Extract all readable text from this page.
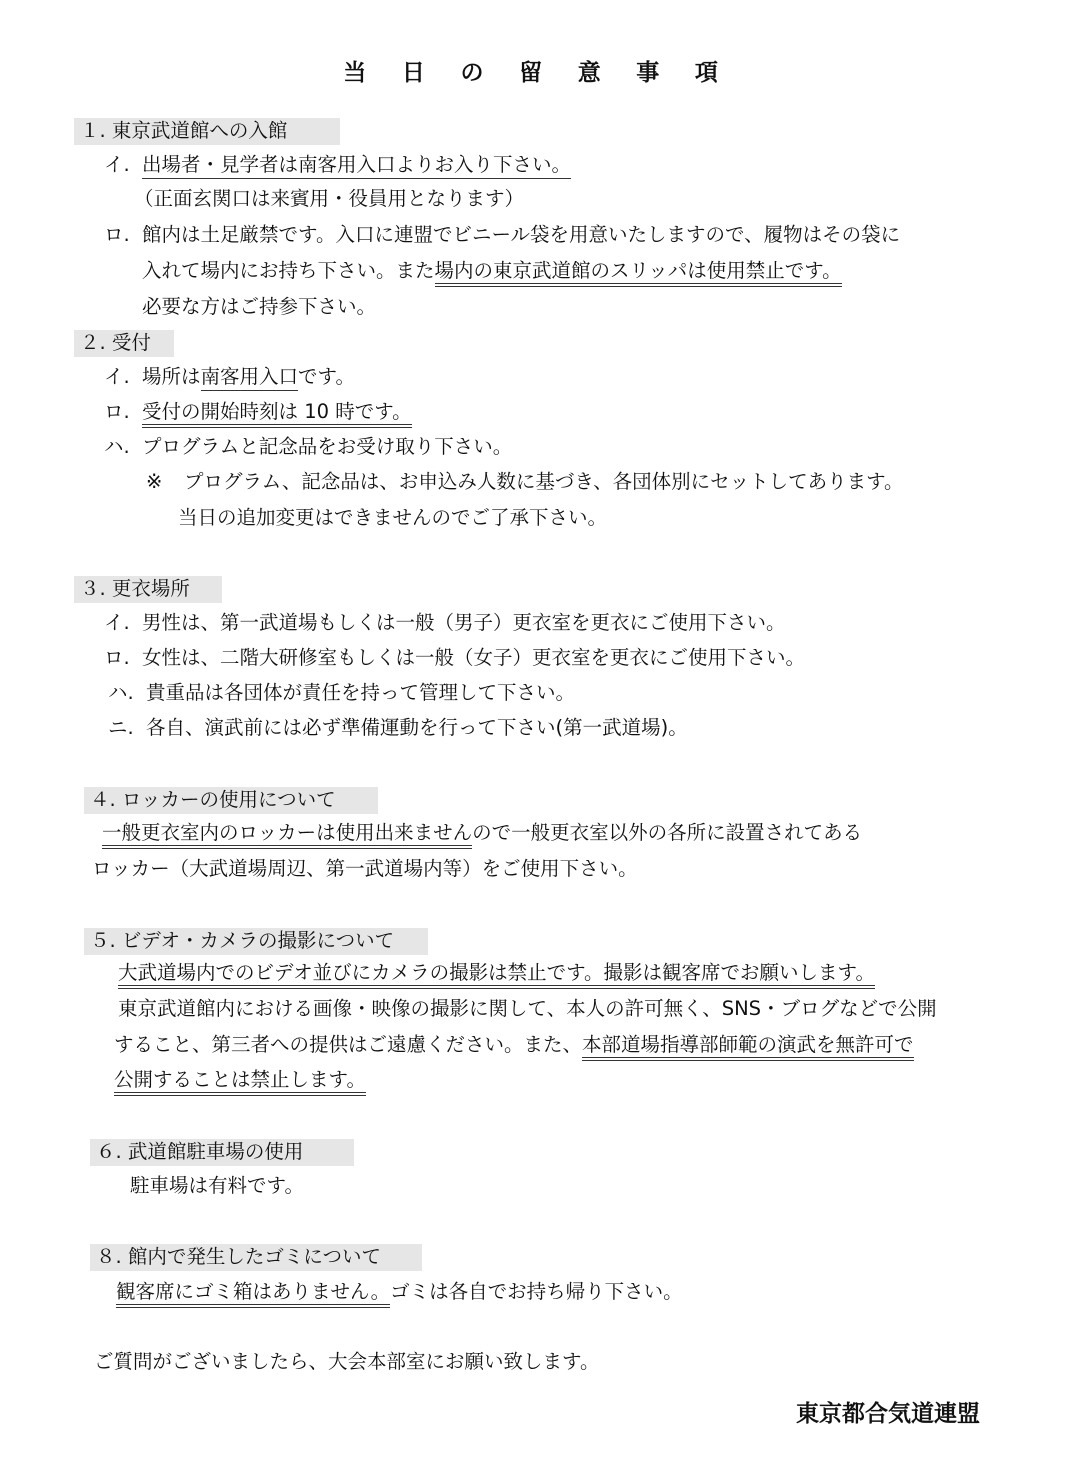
当 日 の 留 意 事 項
１. 東京武道館への入館
イ. 出場者・見学者は南客用入口よりお入り下さい。
（正面玄関口は来賓用・役員用となります）
ロ. 館内は土足厳禁です。入口に連盟でビニール袋を用意いたしますので、履物はその袋に
入れて場内にお持ち下さい。また場内の東京武道館のスリッパは使用禁止です。
必要な方はご持参下さい。
２. 受付
イ. 場所は南客用入口です。
ロ. 受付の開始時刻は 10 時です。
ハ. プログラムと記念品をお受け取り下さい。
※ プログラム、記念品は、お申込み人数に基づき、各団体別にセットしてあります。
当日の追加変更はできませんのでご了承下さい。
３. 更衣場所
イ. 男性は、第一武道場もしくは一般（男子）更衣室を更衣にご使用下さい。
ロ. 女性は、二階大研修室もしくは一般（女子）更衣室を更衣にご使用下さい。
ハ. 貴重品は各団体が責任を持って管理して下さい。
ニ. 各自、演武前には必ず準備運動を行って下さい(第一武道場)。
４. ロッカーの使用について
一般更衣室内のロッカーは使用出来ませんので一般更衣室以外の各所に設置されてある
ロッカー（大武道場周辺、第一武道場内等）をご使用下さい。
５. ビデオ・カメラの撮影について
大武道場内でのビデオ並びにカメラの撮影は禁止です。撮影は観客席でお願いします。
東京武道館内における画像・映像の撮影に関して、本人の許可無く、SNS・ブログなどで公開
すること、第三者への提供はご遠慮ください。また、本部道場指導部師範の演武を無許可で
公開することは禁止します。
６. 武道館駐車場の使用
駐車場は有料です。
８. 館内で発生したゴミについて
観客席にゴミ箱はありません。ゴミは各自でお持ち帰り下さい。
ご質問がございましたら、大会本部室にお願い致します。
東京都合気道連盟
